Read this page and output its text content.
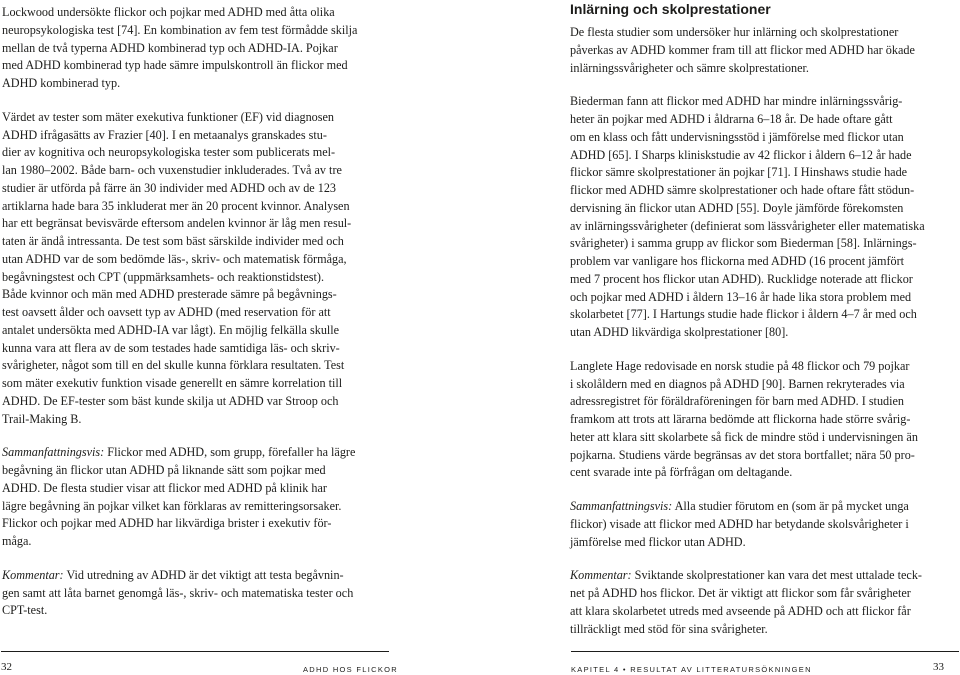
Lockwood undersökte flickor och pojkar med ADHD med åtta olika
neuropsykologiska test [74]. En kombination av fem test förmådde skilja
mellan de två typerna ADHD kombinerad typ och ADHD-IA. Pojkar
med ADHD kombinerad typ hade sämre impulskontroll än flickor med
ADHD kombinerad typ.

Värdet av tester som mäter exekutiva funktioner (EF) vid diagnosen
ADHD ifrågasätts av Frazier [40]. I en metaanalys granskades stu-
dier av kognitiva och neuropsykologiska tester som publicerats mel-
lan 1980–2002. Både barn- och vuxenstudier inkluderades. Två av tre
studier är utförda på färre än 30 individer med ADHD och av de 123
artiklarna hade bara 35 inkluderat mer än 20 procent kvinnor. Analysen
har ett begränsat bevisvärde eftersom andelen kvinnor är låg men resul-
taten är ändå intressanta. De test som bäst särskilde individer med och
utan ADHD var de som bedömde läs-, skriv- och matematisk förmåga,
begåvningstest och CPT (uppmärksamhets- och reaktionstidstest).
Både kvinnor och män med ADHD presterade sämre på begåvnings-
test oavsett ålder och oavsett typ av ADHD (med reservation för att
antalet undersökta med ADHD-IA var lågt). En möjlig felkälla skulle
kunna vara att flera av de som testades hade samtidiga läs- och skriv-
svårigheter, något som till en del skulle kunna förklara resultaten. Test
som mäter exekutiv funktion visade generellt en sämre korrelation till
ADHD. De EF-tester som bäst kunde skilja ut ADHD var Stroop och
Trail-Making B.

Sammanfattningsvis: Flickor med ADHD, som grupp, förefaller ha lägre
begåvning än flickor utan ADHD på liknande sätt som pojkar med
ADHD. De flesta studier visar att flickor med ADHD på klinik har
lägre begåvning än pojkar vilket kan förklaras av remitteringsorsaker.
Flickor och pojkar med ADHD har likvärdiga brister i exekutiv för-
måga.

Kommentar: Vid utredning av ADHD är det viktigt att testa begåvnin-
gen samt att låta barnet genomgå läs-, skriv- och matematiska tester och
CPT-test.

Inlärning och skolprestationer

De flesta studier som undersöker hur inlärning och skolprestationer
påverkas av ADHD kommer fram till att flickor med ADHD har ökade
inlärningssvårigheter och sämre skolprestationer.

Biederman fann att flickor med ADHD har mindre inlärningssvårig-
heter än pojkar med ADHD i åldrarna 6–18 år. De hade oftare gått
om en klass och fått undervisningsstöd i jämförelse med flickor utan
ADHD [65]. I Sharps kliniskstudie av 42 flickor i åldern 6–12 år hade
flickor sämre skolprestationer än pojkar [71]. I Hinshaws studie hade
flickor med ADHD sämre skolprestationer och hade oftare fått stödun-
dervisning än flickor utan ADHD [55]. Doyle jämförde förekomsten
av inlärningssvårigheter (definierat som lässvårigheter eller matematiska
svårigheter) i samma grupp av flickor som Biederman [58]. Inlärnings-
problem var vanligare hos flickorna med ADHD (16 procent jämfört
med 7 procent hos flickor utan ADHD). Rucklidge noterade att flickor
och pojkar med ADHD i åldern 13–16 år hade lika stora problem med
skolarbetet [77]. I Hartungs studie hade flickor i åldern 4–7 år med och
utan ADHD likvärdiga skolprestationer [80].

Langlete Hage redovisade en norsk studie på 48 flickor och 79 pojkar
i skolåldern med en diagnos på ADHD [90]. Barnen rekryterades via
adressregistret för föräldraföreningen för barn med ADHD. I studien
framkom att trots att lärarna bedömde att flickorna hade större svårig-
heter att klara sitt skolarbete så fick de mindre stöd i undervisningen än
pojkarna. Studiens värde begränsas av det stora bortfallet; nära 50 pro-
cent svarade inte på förfrågan om deltagande.

Sammanfattningsvis: Alla studier förutom en (som är på mycket unga
flickor) visade att flickor med ADHD har betydande skolsvårigheter i
jämförelse med flickor utan ADHD.

Kommentar: Sviktande skolprestationer kan vara det mest uttalade teck-
net på ADHD hos flickor. Det är viktigt att flickor som får svårigheter
att klara skolarbetet utreds med avseende på ADHD och att flickor får
tillräckligt med stöd för sina svårigheter.

32	ADHD HOS FLICKOR	KAPITEL 4 • RESULTAT AV LITTERATURSÖKNINGEN	33
